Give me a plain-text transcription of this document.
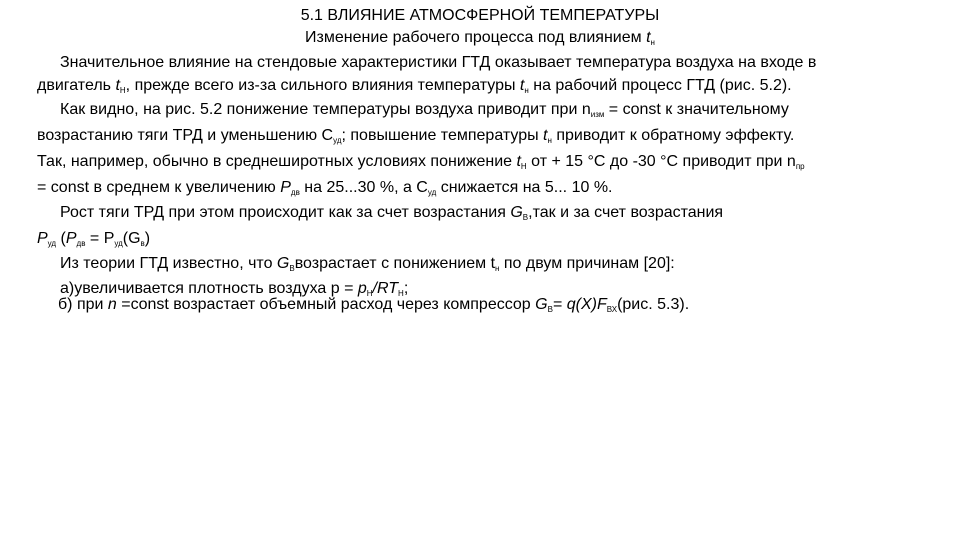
5.1 ВЛИЯНИЕ АТМОСФЕРНОЙ ТЕМПЕРАТУРЫ
Изменение рабочего процесса под влиянием $t_н$
Значительное влияние на стендовые характеристики ГТД оказывает температура воздуха на входе в
двигатель $t_Н$, прежде всего из-за сильного влияния температуры $t_н$ на рабочий процесс ГТД (рис. 5.2).
Как видно, на рис. 5.2 понижение температуры воздуха приводит при $n_{изм}$ = const к значительному
возрастанию тяги ТРД и уменьшению $С_{уд}$; повышение температуры $t_н$ приводит к обратному эффекту.
Так, например, обычно в среднеширотных условиях понижение $t_Н$ от + 15 °С до -30 °С приводит при $n_{пр}$
= const в среднем к увеличению $Р_{дв}$ на 25...30 %, а $С_{уд}$ снижается на 5... 10 %.
Рост тяги ТРД при этом происходит как за счет возрастания $G_В,так$ и за счет возрастания
$Р_{уд}$ ($Р_{дв} = Р_{уд}(G_в)$
Из теории ГТД известно, что $G_Ввозрастает$ с понижением $t_н$ по двум причинам [20]:
а)увеличивается плотность воздуха $р = p_H/RT_H$;
б) при n =const возрастает объемный расход через компрессор $G_В= q(X)F_{ВХ}(рис$. 5.3).
